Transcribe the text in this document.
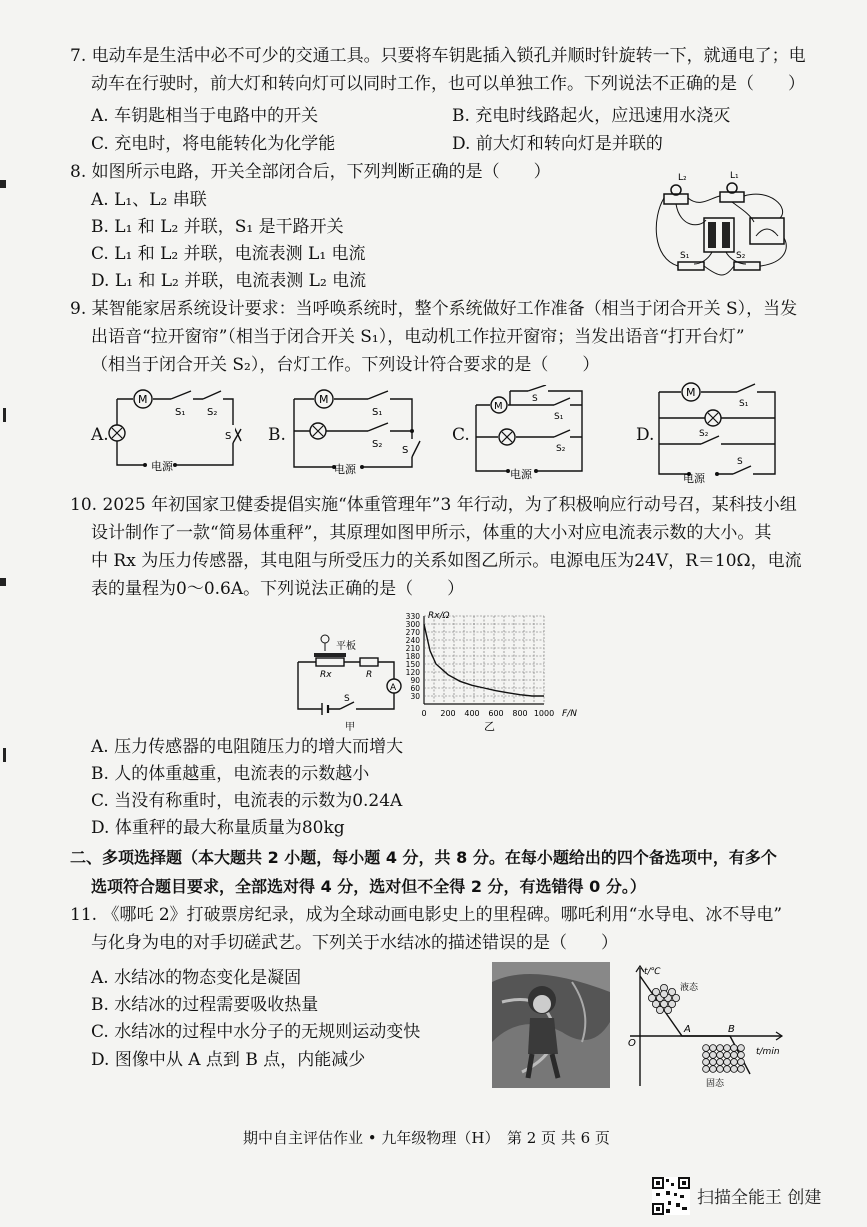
7. 电动车是生活中必不可少的交通工具。只要将车钥匙插入锁孔并顺时针旋转一下，就通电了；电
动车在行驶时，前大灯和转向灯可以同时工作，也可以单独工作。下列说法不正确的是（　　）
A. 车钥匙相当于电路中的开关	B. 充电时线路起火，应迅速用水浇灭
C. 充电时，将电能转化为化学能	D. 前大灯和转向灯是并联的
8. 如图所示电路，开关全部闭合后，下列判断正确的是（　　）
A. L₁、L₂ 串联
B. L₁ 和 L₂ 并联，S₁ 是干路开关
C. L₁ 和 L₂ 并联，电流表测 L₁ 电流
D. L₁ 和 L₂ 并联，电流表测 L₂ 电流
L₂	L₁
S₁	S₂
9. 某智能家居系统设计要求：当呼唤系统时，整个系统做好工作准备（相当于闭合开关 S），当发
出语音“拉开窗帘”（相当于闭合开关 S₁），电动机工作拉开窗帘；当发出语音“打开台灯”
（相当于闭合开关 S₂），台灯工作。下列设计符合要求的是（　　）
A.
M
S₁ S₂
S
电源
B.
M
S₁
S₂
S
电源
C.
M
S₁
S₂
S
电源
D.
M
S₁
S₂
S
电源
10. 2025 年初国家卫健委提倡实施“体重管理年”3 年行动，为了积极响应行动号召，某科技小组
设计制作了一款“简易体重秤”，其原理如图甲所示，体重的大小对应电流表示数的大小。其
中 Rx 为压力传感器，其电阻与所受压力的关系如图乙所示。电源电压为24V，R＝10Ω，电流
表的量程为0～0.6A。下列说法正确的是（　　）
平板
Rx	R
A
S
甲
Rx/Ω
330
300
270
240
210
180
150
120
90
60
30
0 200 400 600 800 1000 F/N
乙
A. 压力传感器的电阻随压力的增大而增大
B. 人的体重越重，电流表的示数越小
C. 当没有称重时，电流表的示数为0.24A
D. 体重秤的最大称量质量为80kg
二、多项选择题（本大题共 2 小题，每小题 4 分，共 8 分。在每小题给出的四个备选项中，有多个
选项符合题目要求，全部选对得 4 分，选对但不全得 2 分，有选错得 0 分。）
11. 《哪吒 2》打破票房纪录，成为全球动画电影史上的里程碑。哪吒利用“水导电、冰不导电”
与化身为电的对手切磋武艺。下列关于水结冰的描述错误的是（　　）
A. 水结冰的物态变化是凝固
B. 水结冰的过程需要吸收热量
C. 水结冰的过程中水分子的无规则运动变快
D. 图像中从 A 点到 B 点，内能减少
t/℃
t/min
O
A	B
液态
固态
期中自主评估作业 • 九年级物理（H）　第 2 页 共 6 页
扫描全能王 创建
